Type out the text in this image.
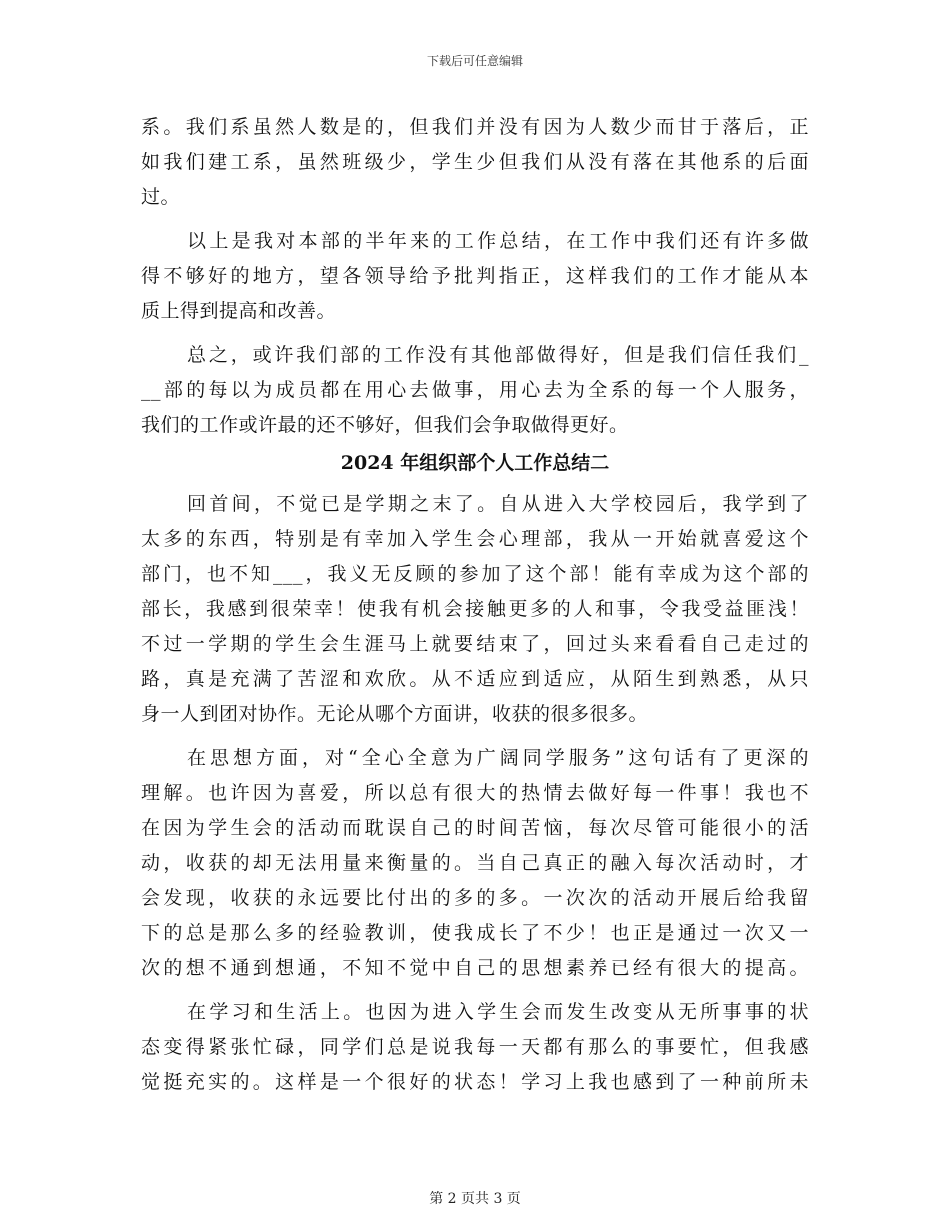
下载后可任意编辑
系。我们系虽然人数是的，但我们并没有因为人数少而甘于落后，正
如我们建工系，虽然班级少，学生少但我们从没有落在其他系的后面
过。
以上是我对本部的半年来的工作总结，在工作中我们还有许多做
得不够好的地方，望各领导给予批判指正，这样我们的工作才能从本
质上得到提高和改善。
总之，或许我们部的工作没有其他部做得好，但是我们信任我们_
__部的每以为成员都在用心去做事，用心去为全系的每一个人服务，
我们的工作或许最的还不够好，但我们会争取做得更好。
2024 年组织部个人工作总结二
回首间，不觉已是学期之末了。自从进入大学校园后，我学到了
太多的东西，特别是有幸加入学生会心理部，我从一开始就喜爱这个
部门，也不知___，我义无反顾的参加了这个部！能有幸成为这个部的
部长，我感到很荣幸！使我有机会接触更多的人和事，令我受益匪浅！
不过一学期的学生会生涯马上就要结束了，回过头来看看自己走过的
路，真是充满了苦涩和欢欣。从不适应到适应，从陌生到熟悉，从只
身一人到团对协作。无论从哪个方面讲，收获的很多很多。
在思想方面，对“全心全意为广阔同学服务”这句话有了更深的
理解。也许因为喜爱，所以总有很大的热情去做好每一件事！我也不
在因为学生会的活动而耽误自己的时间苦恼，每次尽管可能很小的活
动，收获的却无法用量来衡量的。当自己真正的融入每次活动时，才
会发现，收获的永远要比付出的多的多。一次次的活动开展后给我留
下的总是那么多的经验教训，使我成长了不少！也正是通过一次又一
次的想不通到想通，不知不觉中自己的思想素养已经有很大的提高。
在学习和生活上。也因为进入学生会而发生改变从无所事事的状
态变得紧张忙碌，同学们总是说我每一天都有那么的事要忙，但我感
觉挺充实的。这样是一个很好的状态！学习上我也感到了一种前所未
第 2 页共 3 页
